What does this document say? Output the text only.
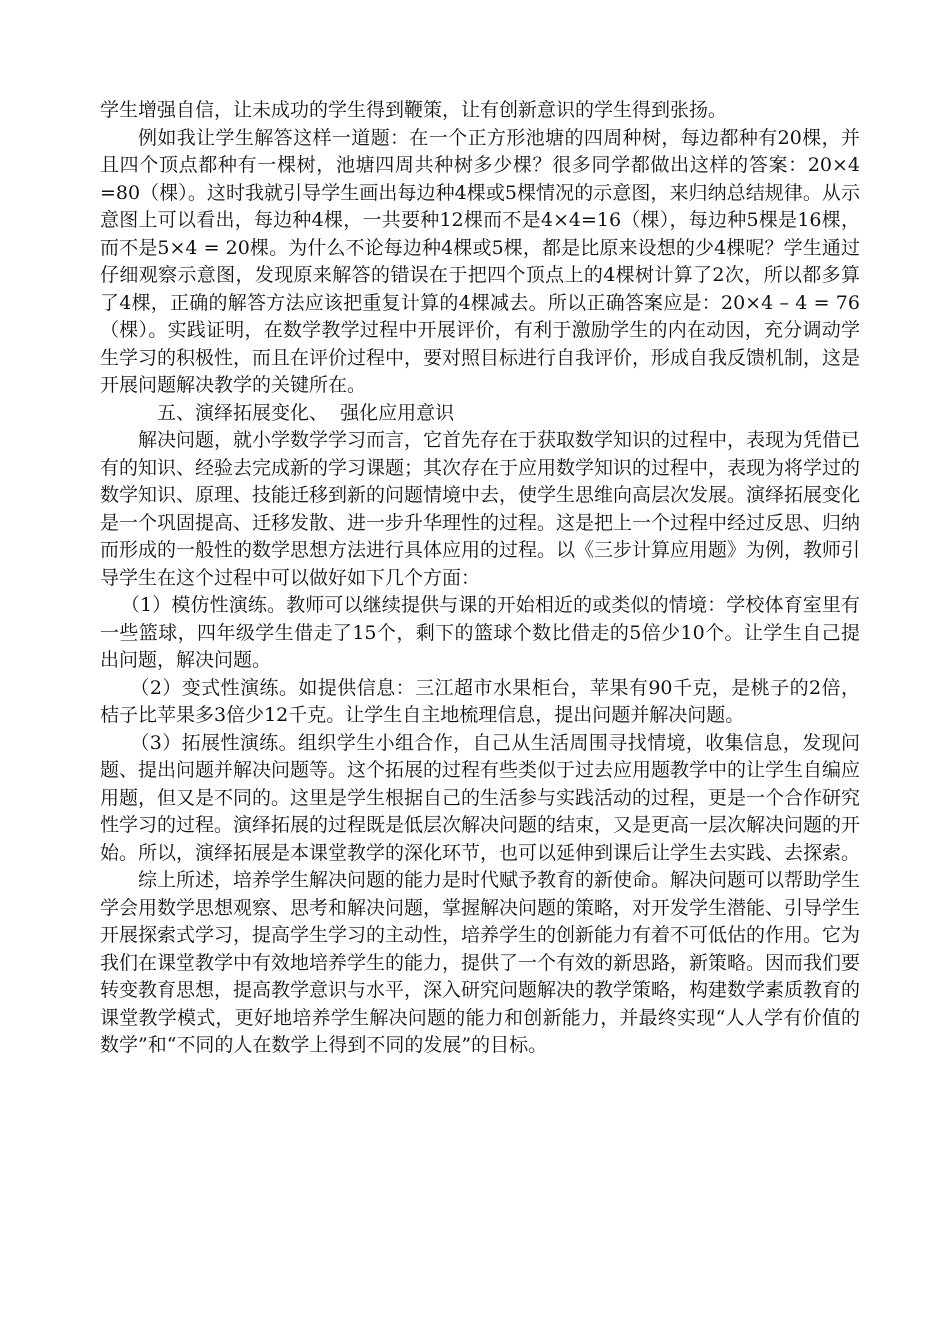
学生增强自信，让未成功的学生得到鞭策，让有创新意识的学生得到张扬。

例如我让学生解答这样一道题：在一个正方形池塘的四周种树，每边都种有20棵，并且四个顶点都种有一棵树，池塘四周共种树多少棵？很多同学都做出这样的答案：20×4 =80（棵）。这时我就引导学生画出每边种4棵或5棵情况的示意图，来归纳总结规律。从示意图上可以看出，每边种4棵，一共要种12棵而不是4×4=16（棵），每边种5棵是16棵，而不是5×4 = 20棵。为什么不论每边种4棵或5棵，都是比原来设想的少4棵呢？学生通过仔细观察示意图，发现原来解答的错误在于把四个顶点上的4棵树计算了2次，所以都多算了4棵，正确的解答方法应该把重复计算的4棵减去。所以正确答案应是：20×4 – 4 = 76（棵）。实践证明，在数学教学过程中开展评价，有利于激励学生的内在动因，充分调动学生学习的积极性，而且在评价过程中，要对照目标进行自我评价，形成自我反馈机制，这是开展问题解决教学的关键所在。

五、演绎拓展变化、  强化应用意识

解决问题，就小学数学学习而言，它首先存在于获取数学知识的过程中，表现为凭借已有的知识、经验去完成新的学习课题；其次存在于应用数学知识的过程中，表现为将学过的数学知识、原理、技能迁移到新的问题情境中去，使学生思维向高层次发展。演绎拓展变化是一个巩固提高、迁移发散、进一步升华理性的过程。这是把上一个过程中经过反思、归纳而形成的一般性的数学思想方法进行具体应用的过程。以《三步计算应用题》为例，教师引导学生在这个过程中可以做好如下几个方面：

（1）模仿性演练。教师可以继续提供与课的开始相近的或类似的情境：学校体育室里有一些篮球，四年级学生借走了15个，剩下的篮球个数比借走的5倍少10个。让学生自己提出问题，解决问题。

（2）变式性演练。如提供信息：三江超市水果柜台，苹果有90千克，是桃子的2倍，桔子比苹果多3倍少12千克。让学生自主地梳理信息，提出问题并解决问题。

（3）拓展性演练。组织学生小组合作，自己从生活周围寻找情境，收集信息，发现问题、提出问题并解决问题等。这个拓展的过程有些类似于过去应用题教学中的让学生自编应用题，但又是不同的。这里是学生根据自己的生活参与实践活动的过程，更是一个合作研究性学习的过程。演绎拓展的过程既是低层次解决问题的结束，又是更高一层次解决问题的开始。所以，演绎拓展是本课堂教学的深化环节，也可以延伸到课后让学生去实践、去探索。

综上所述，培养学生解决问题的能力是时代赋予教育的新使命。解决问题可以帮助学生学会用数学思想观察、思考和解决问题，掌握解决问题的策略，对开发学生潜能、引导学生开展探索式学习，提高学生学习的主动性，培养学生的创新能力有着不可低估的作用。它为我们在课堂教学中有效地培养学生的能力，提供了一个有效的新思路，新策略。因而我们要转变教育思想，提高教学意识与水平，深入研究问题解决的教学策略，构建数学素质教育的课堂教学模式，更好地培养学生解决问题的能力和创新能力，并最终实现“人人学有价值的数学”和“不同的人在数学上得到不同的发展”的目标。
